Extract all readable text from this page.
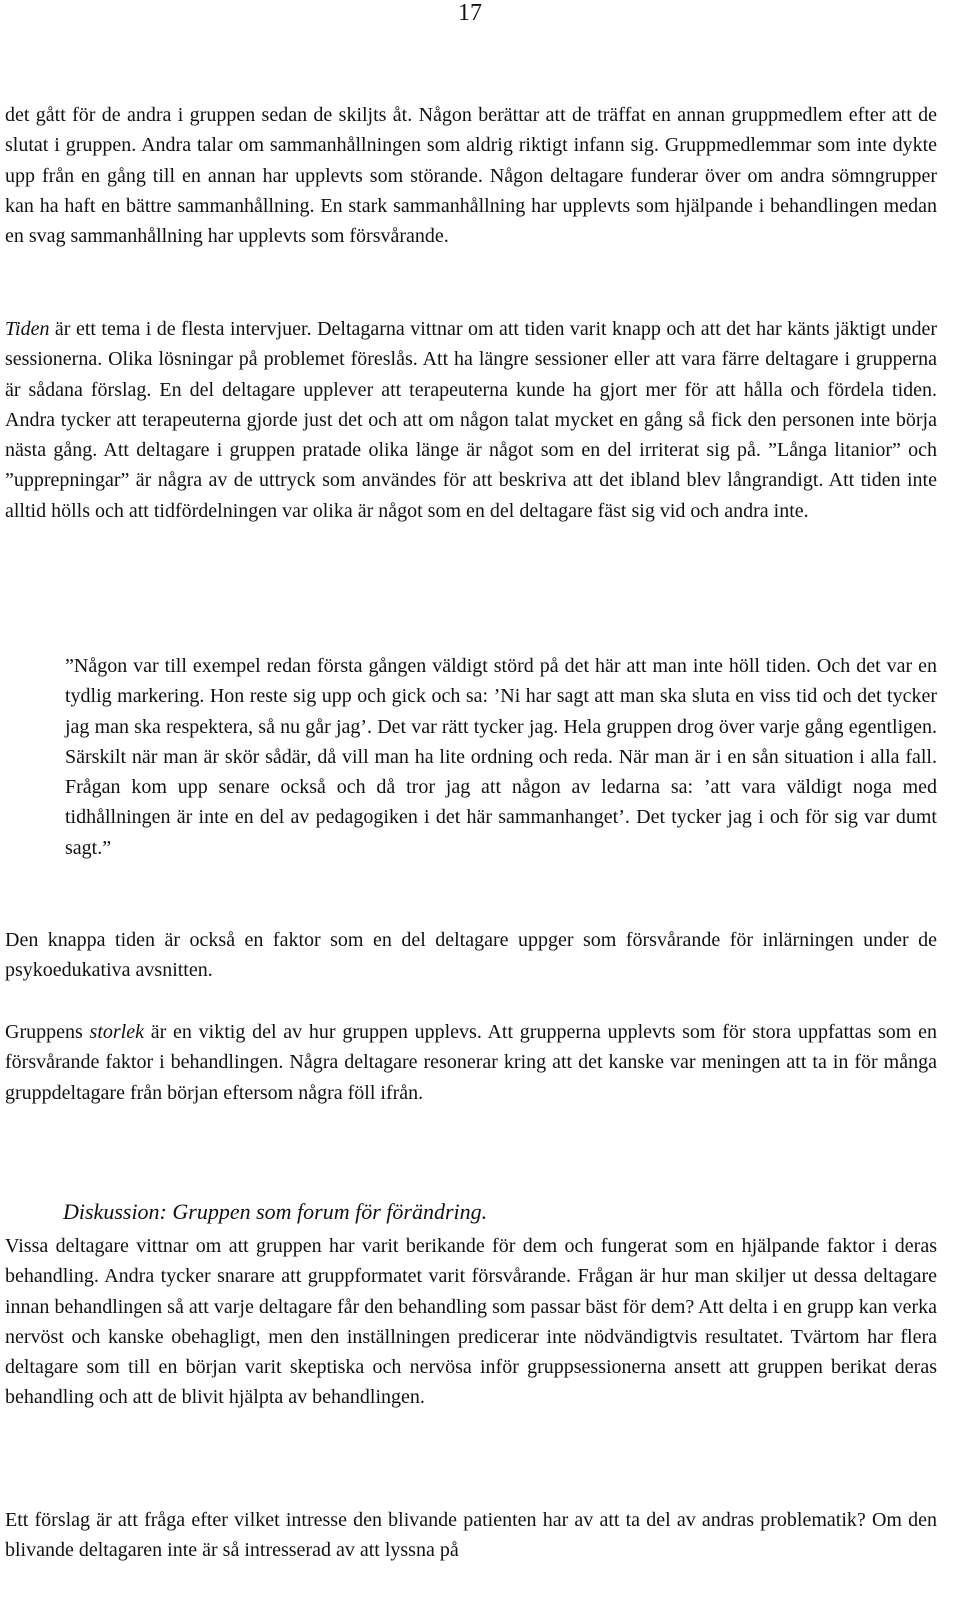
17

det gått för de andra i gruppen sedan de skiljts åt. Någon berättar att de träffat en annan gruppmedlem efter att de slutat i gruppen. Andra talar om sammanhållningen som aldrig riktigt infann sig. Gruppmedlemmar som inte dykte upp från en gång till en annan har upplevts som störande. Någon deltagare funderar över om andra sömngrupper kan ha haft en bättre sammanhållning. En stark sammanhållning har upplevts som hjälpande i behandlingen medan en svag sammanhållning har upplevts som försvårande.

Tiden är ett tema i de flesta intervjuer. Deltagarna vittnar om att tiden varit knapp och att det har känts jäktigt under sessionerna. Olika lösningar på problemet föreslås. Att ha längre sessioner eller att vara färre deltagare i grupperna är sådana förslag. En del deltagare upplever att terapeuterna kunde ha gjort mer för att hålla och fördela tiden. Andra tycker att terapeuterna gjorde just det och att om någon talat mycket en gång så fick den personen inte börja nästa gång. Att deltagare i gruppen pratade olika länge är något som en del irriterat sig på. ”Långa litanior” och ”upprepningar” är några av de uttryck som användes för att beskriva att det ibland blev långrandigt. Att tiden inte alltid hölls och att tidfördelningen var olika är något som en del deltagare fäst sig vid och andra inte.

”Någon var till exempel redan första gången väldigt störd på det här att man inte höll tiden. Och det var en tydlig markering. Hon reste sig upp och gick och sa: ’Ni har sagt att man ska sluta en viss tid och det tycker jag man ska respektera, så nu går jag’. Det var rätt tycker jag. Hela gruppen drog över varje gång egentligen. Särskilt när man är skör sådär, då vill man ha lite ordning och reda. När man är i en sån situation i alla fall. Frågan kom upp senare också och då tror jag att någon av ledarna sa: ’att vara väldigt noga med tidhållningen är inte en del av pedagogiken i det här sammanhanget’. Det tycker jag i och för sig var dumt sagt.”

Den knappa tiden är också en faktor som en del deltagare uppger som försvårande för inlärningen under de psykoedukativa avsnitten.

Gruppens storlek är en viktig del av hur gruppen upplevs. Att grupperna upplevts som för stora uppfattas som en försvårande faktor i behandlingen. Några deltagare resonerar kring att det kanske var meningen att ta in för många gruppdeltagare från början eftersom några föll ifrån.

Diskussion: Gruppen som forum för förändring.

Vissa deltagare vittnar om att gruppen har varit berikande för dem och fungerat som en hjälpande faktor i deras behandling. Andra tycker snarare att gruppformatet varit försvårande. Frågan är hur man skiljer ut dessa deltagare innan behandlingen så att varje deltagare får den behandling som passar bäst för dem? Att delta i en grupp kan verka nervöst och kanske obehagligt, men den inställningen predicerar inte nödvändigtvis resultatet. Tvärtom har flera deltagare som till en början varit skeptiska och nervösa inför gruppsessionerna ansett att gruppen berikat deras behandling och att de blivit hjälpta av behandlingen.

Ett förslag är att fråga efter vilket intresse den blivande patienten har av att ta del av andras problematik? Om den blivande deltagaren inte är så intresserad av att lyssna på
